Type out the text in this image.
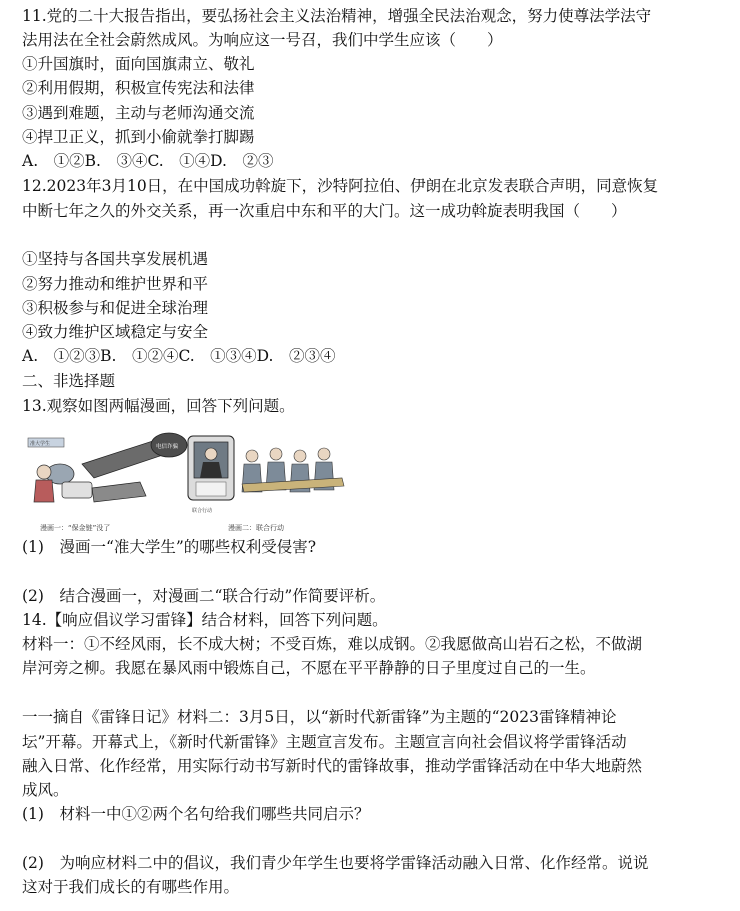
11.党的二十大报告指出，要弘扬社会主义法治精神，增强全民法治观念，努力使尊法学法守
法用法在全社会蔚然成风。为响应这一号召，我们中学生应该（　　）
①升国旗时，面向国旗肃立、敬礼
②利用假期，积极宣传宪法和法律
③遇到难题，主动与老师沟通交流
④捍卫正义，抓到小偷就拳打脚踢
A.　①②B.　③④C.　①④D.　②③
12.2023年3月10日，在中国成功斡旋下，沙特阿拉伯、伊朗在北京发表联合声明，同意恢复
中断七年之久的外交关系，再一次重启中东和平的大门。这一成功斡旋表明我国（　　）
①坚持与各国共享发展机遇
②努力推动和维护世界和平
③积极参与和促进全球治理
④致力维护区域稳定与安全
A.　①②③B.　①②④C.　①③④D.　②③④
二、非选择题
13.观察如图两幅漫画，回答下列问题。
准大学生	电信诈骗
漫画一：“保金链”没了
联合行动
漫画二：联合行动
(1)　漫画一“准大学生”的哪些权利受侵害?
(2)　结合漫画一，对漫画二“联合行动”作简要评析。
14.【响应倡议学习雷锋】结合材料，回答下列问题。
材料一：①不经风雨，长不成大树；不受百炼，难以成钢。②我愿做高山岩石之松，不做湖
岸河旁之柳。我愿在暴风雨中锻炼自己，不愿在平平静静的日子里度过自己的一生。
一一摘自《雷锋日记》材料二：3月5日，以“新时代新雷锋”为主题的“2023雷锋精神论
坛”开幕。开幕式上，《新时代新雷锋》主题宣言发布。主题宣言向社会倡议将学雷锋活动
融入日常、化作经常，用实际行动书写新时代的雷锋故事，推动学雷锋活动在中华大地蔚然
成风。
(1)　材料一中①②两个名句给我们哪些共同启示？
(2)　为响应材料二中的倡议，我们青少年学生也要将学雷锋活动融入日常、化作经常。说说
这对于我们成长的有哪些作用。
